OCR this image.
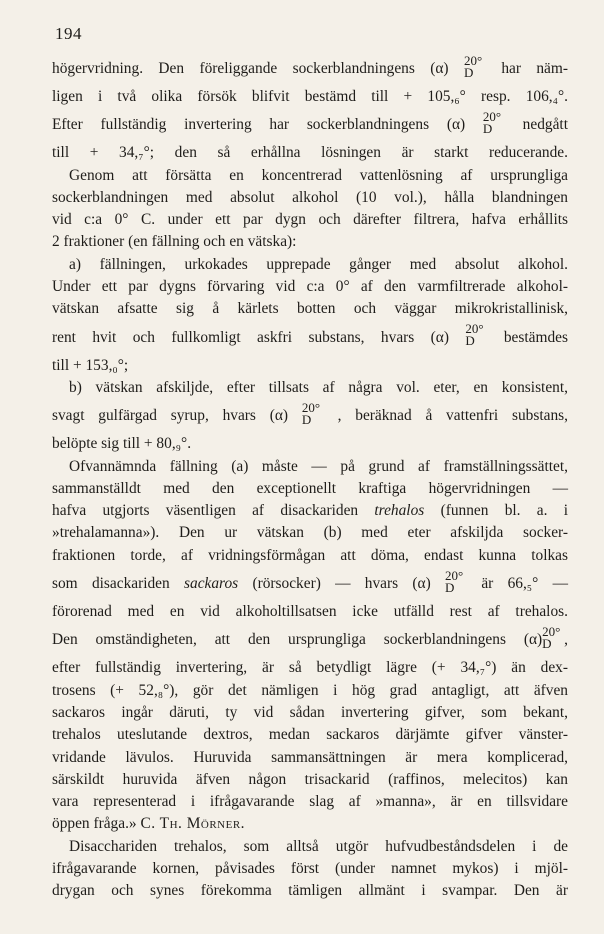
194
högervridning. Den föreliggande sockerblandningens (α) 20°
D	har näm-
ligen i två olika försök blifvit bestämd till + 105,₆° resp. 106,₄°.
Efter fullständig invertering har sockerblandningens (α) 20°
D	nedgått
till + 34,₇°; den så erhållna lösningen är starkt reducerande.
Genom att försätta en koncentrerad vattenlösning af ursprungliga
sockerblandningen med absolut alkohol (10 vol.), hålla blandningen
vid c:a 0° C. under ett par dygn och därefter filtrera, hafva erhållits
2 fraktioner (en fällning och en vätska):
a) fällningen, urkokades upprepade gånger med absolut alkohol.
Under ett par dygns förvaring vid c:a 0° af den varmfiltrerade alkohol-
vätskan afsatte sig å kärlets botten och väggar mikrokristallinisk,
rent hvit och fullkomligt askfri substans, hvars (α) 20°
D	bestämdes
till + 153,₀°;
b) vätskan afskiljde, efter tillsats af några vol. eter, en konsistent,
svagt gulfärgad syrup, hvars (α) 20°
D	, beräknad å vattenfri substans,
belöpte sig till + 80,₉°.
Ofvannämnda fällning (a) måste — på grund af framställningssättet,
sammanställdt med den exceptionellt kraftiga högervridningen —
hafva utgjorts väsentligen af disackariden trehalos (funnen bl. a. i
»trehalamanna»). Den ur vätskan (b) med eter afskiljda socker-
fraktionen torde, af vridningsförmågan att döma, endast kunna tolkas
som disackariden sackaros (rörsocker) — hvars (α) 20°
D	är 66,₅° —
förorenad med en vid alkoholtillsatsen icke utfälld rest af trehalos.
Den omständigheten, att den ursprungliga sockerblandningens (α) 20°
D ,
efter fullständig invertering, är så betydligt lägre (+ 34,₇°) än dex-
trosens (+ 52,₈°), gör det nämligen i hög grad antagligt, att äfven
sackaros ingår däruti, ty vid sådan invertering gifver, som bekant,
trehalos uteslutande dextros, medan sackaros därjämte gifver vänster-
vridande lävulos. Huruvida sammansättningen är mera komplicerad,
särskildt huruvida äfven någon trisackarid (raffinos, melecitos) kan
vara representerad i ifrågavarande slag af »manna», är en tillsvidare
öppen fråga.» C. Th. Mörner.
Disacchariden trehalos, som alltså utgör hufvudbeståndsdelen i de
ifrågavarande kornen, påvisades först (under namnet mykos) i mjöl-
drygan och synes förekomma tämligen allmänt i svampar. Den är
